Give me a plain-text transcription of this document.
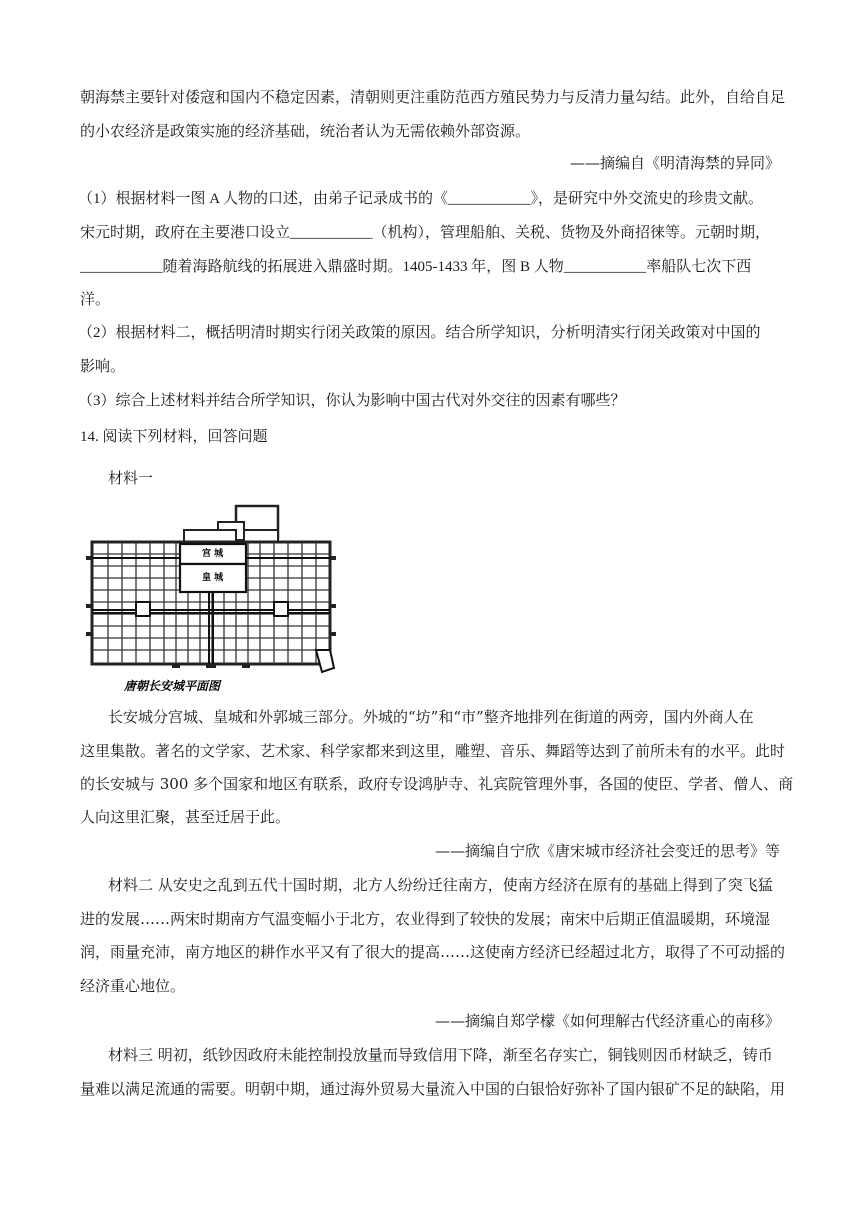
朝海禁主要针对倭寇和国内不稳定因素，清朝则更注重防范西方殖民势力与反清力量勾结。此外，自给自足
的小农经济是政策实施的经济基础，统治者认为无需依赖外部资源。
——摘编自《明清海禁的异同》
（1）根据材料一图 A 人物的口述，由弟子记录成书的《___________》，是研究中外交流史的珍贵文献。
宋元时期，政府在主要港口设立___________（机构），管理船舶、关税、货物及外商招徕等。元朝时期，
___________随着海路航线的拓展进入鼎盛时期。1405-1433 年，图 B 人物___________率船队七次下西
洋。
（2）根据材料二，概括明清时期实行闭关政策的原因。结合所学知识，分析明清实行闭关政策对中国的
影响。
（3）综合上述材料并结合所学知识，你认为影响中国古代对外交往的因素有哪些？
14. 阅读下列材料，回答问题
材料一
宫 城
皇 城
唐朝长安城平面图
长安城分宫城、皇城和外郭城三部分。外城的“坊”和“市”整齐地排列在街道的两旁，国内外商人在
这里集散。著名的文学家、艺术家、科学家都来到这里，雕塑、音乐、舞蹈等达到了前所未有的水平。此时
的长安城与 300 多个国家和地区有联系，政府专设鸿胪寺、礼宾院管理外事，各国的使臣、学者、僧人、商
人向这里汇聚，甚至迁居于此。
——摘编自宁欣《唐宋城市经济社会变迁的思考》等
材料二 从安史之乱到五代十国时期，北方人纷纷迁往南方，使南方经济在原有的基础上得到了突飞猛
进的发展……两宋时期南方气温变幅小于北方，农业得到了较快的发展；南宋中后期正值温暖期，环境湿
润，雨量充沛，南方地区的耕作水平又有了很大的提高……这使南方经济已经超过北方，取得了不可动摇的
经济重心地位。
——摘编自郑学檬《如何理解古代经济重心的南移》
材料三 明初，纸钞因政府未能控制投放量而导致信用下降，渐至名存实亡，铜钱则因币材缺乏，铸币
量难以满足流通的需要。明朝中期，通过海外贸易大量流入中国的白银恰好弥补了国内银矿不足的缺陷，用
